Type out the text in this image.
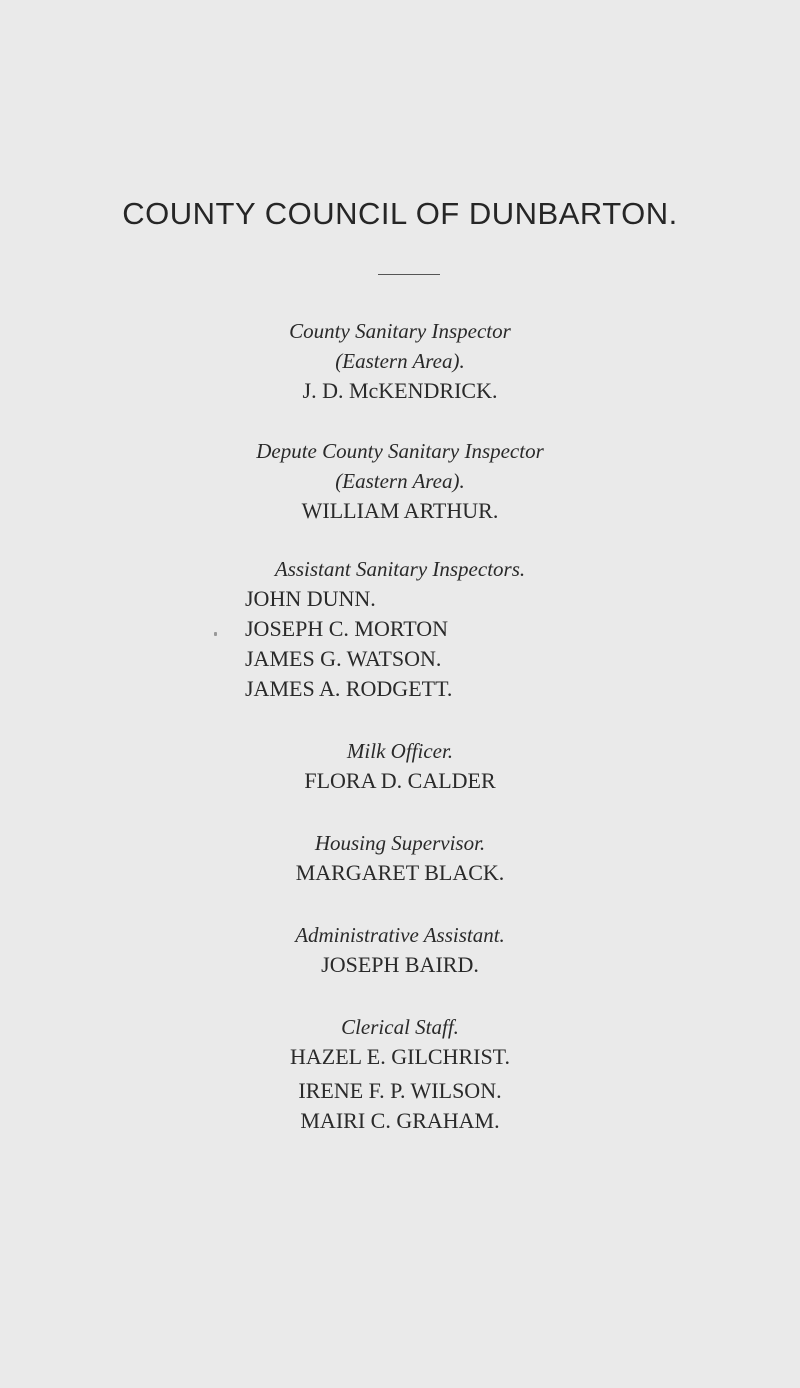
COUNTY COUNCIL OF DUNBARTON.
County Sanitary Inspector
(Eastern Area).
J. D. McKENDRICK.
Depute County Sanitary Inspector
(Eastern Area).
WILLIAM ARTHUR.
Assistant Sanitary Inspectors.
JOHN DUNN.
JOSEPH C. MORTON
JAMES G. WATSON.
JAMES A. RODGETT.
Milk Officer.
FLORA D. CALDER
Housing Supervisor.
MARGARET BLACK.
Administrative Assistant.
JOSEPH BAIRD.
Clerical Staff.
HAZEL E. GILCHRIST.
IRENE F. P. WILSON.
MAIRI C. GRAHAM.
